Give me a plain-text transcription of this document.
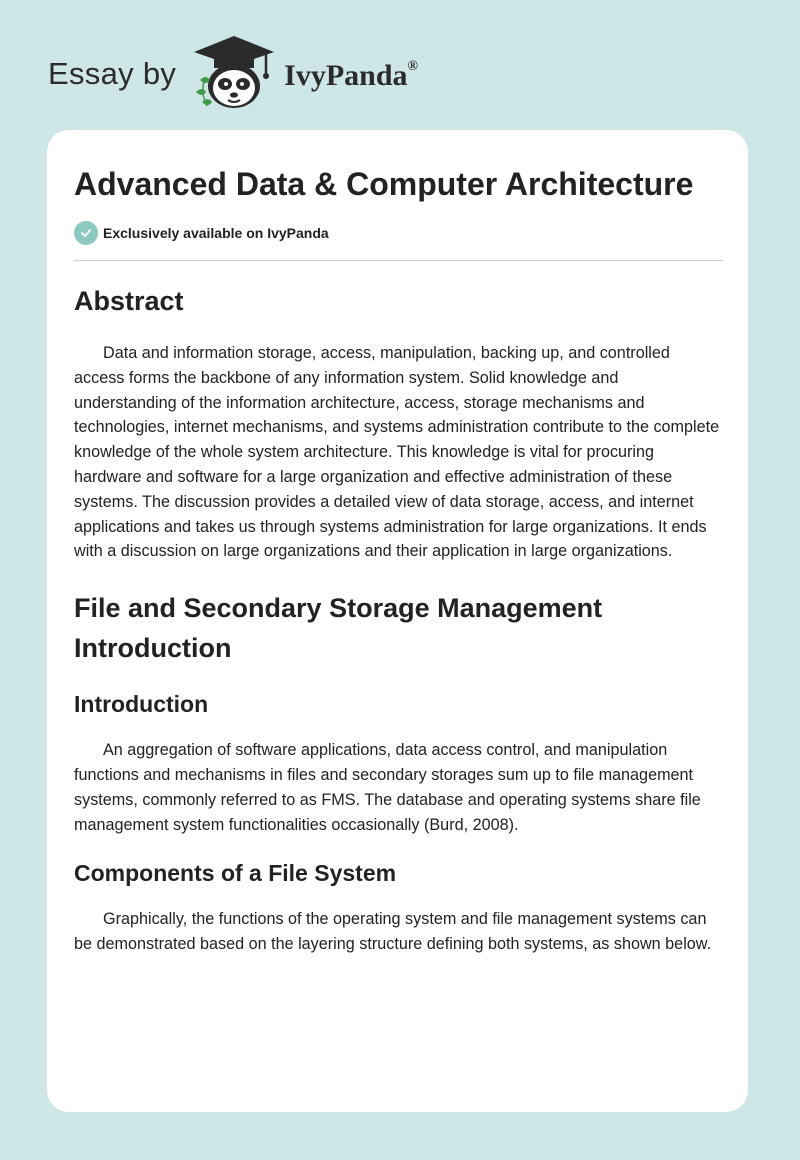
Essay by	IvyPanda®
Advanced Data & Computer Architecture
Exclusively available on IvyPanda
Abstract

Data and information storage, access, manipulation, backing up, and controlled access forms the backbone of any information system. Solid knowledge and understanding of the information architecture, access, storage mechanisms and technologies, internet mechanisms, and systems administration contribute to the complete knowledge of the whole system architecture. This knowledge is vital for procuring hardware and software for a large organization and effective administration of these systems. The discussion provides a detailed view of data storage, access, and internet applications and takes us through systems administration for large organizations. It ends with a discussion on large organizations and their application in large organizations.

File and Secondary Storage Management Introduction
Introduction

An aggregation of software applications, data access control, and manipulation functions and mechanisms in files and secondary storages sum up to file management systems, commonly referred to as FMS. The database and operating systems share file management system functionalities occasionally (Burd, 2008).

Components of a File System

Graphically, the functions of the operating system and file management systems can be demonstrated based on the layering structure defining both systems, as shown below.
